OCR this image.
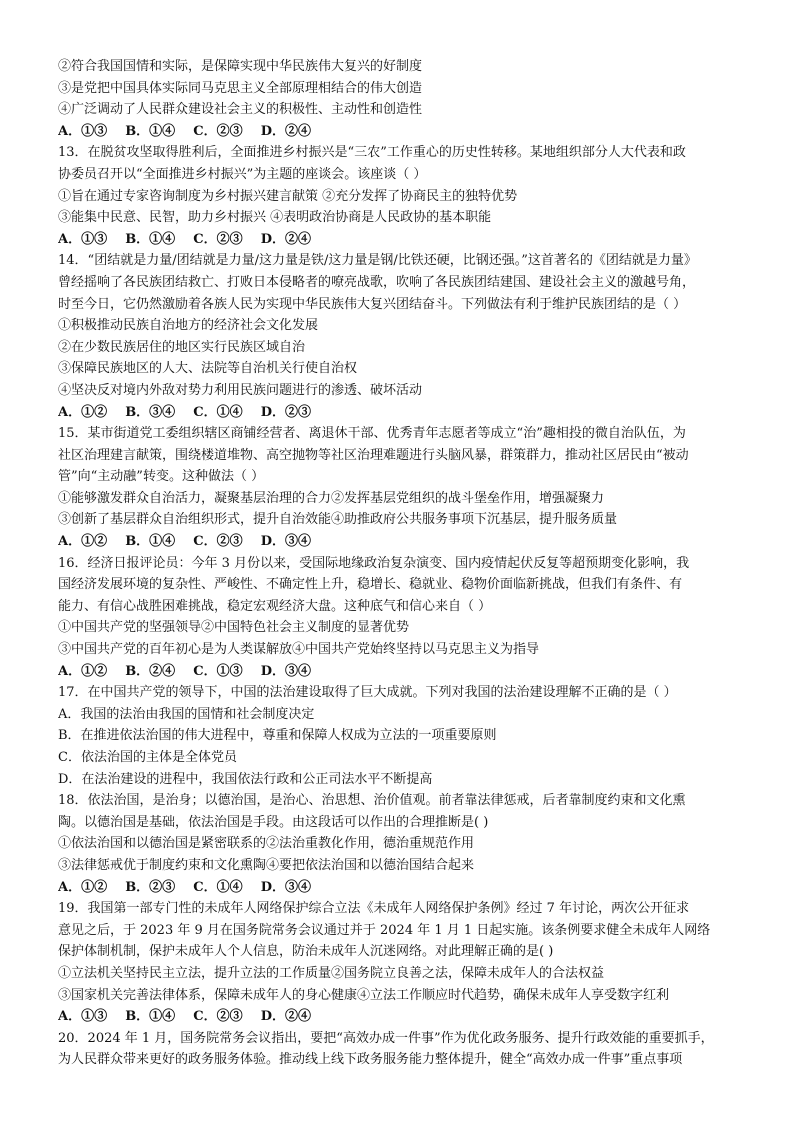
②符合我国国情和实际，是保障实现中华民族伟大复兴的好制度
③是党把中国具体实际同马克思主义全部原理相结合的伟大创造
④广泛调动了人民群众建设社会主义的积极性、主动性和创造性
A．①③    B．①④    C．②③    D．②④
13．在脱贫攻坚取得胜利后，全面推进乡村振兴是“三农”工作重心的历史性转移。某地组织部分人大代表和政
协委员召开以“全面推进乡村振兴”为主题的座谈会。该座谈（ ）
①旨在通过专家咨询制度为乡村振兴建言献策 ②充分发挥了协商民主的独特优势
③能集中民意、民智，助力乡村振兴 ④表明政治协商是人民政协的基本职能
A．①③    B．①④    C．②③    D．②④
14．“团结就是力量/团结就是力量/这力量是铁/这力量是钢/比铁还硬，比钢还强。”这首著名的《团结就是力量》
曾经摇响了各民族团结救亡、打败日本侵略者的嘹亮战歌，吹响了各民族团结建国、建设社会主义的激越号角，
时至今日，它仍然激励着各族人民为实现中华民族伟大复兴团结奋斗。下列做法有利于维护民族团结的是（ ）
①积极推动民族自治地方的经济社会文化发展
②在少数民族居住的地区实行民族区域自治
③保障民族地区的人大、法院等自治机关行使自治权
④坚决反对境内外敌对势力利用民族问题进行的渗透、破坏活动
A．①②    B．③④    C．①④    D．②③
15．某市街道党工委组织辖区商铺经营者、离退休干部、优秀青年志愿者等成立“治”趣相投的微自治队伍，为
社区治理建言献策，围绕楼道堆物、高空抛物等社区治理难题进行头脑风暴，群策群力，推动社区居民由“被动
管”向“主动融”转变。这种做法（ ）
①能够激发群众自治活力，凝聚基层治理的合力②发挥基层党组织的战斗堡垒作用，增强凝聚力
③创新了基层群众自治组织形式，提升自治效能④助推政府公共服务事项下沉基层，提升服务质量
A．①②    B．①④    C．②③    D．③④
16．经济日报评论员：今年 3 月份以来，受国际地缘政治复杂演变、国内疫情起伏反复等超预期变化影响，我
国经济发展环境的复杂性、严峻性、不确定性上升，稳增长、稳就业、稳物价面临新挑战，但我们有条件、有
能力、有信心战胜困难挑战，稳定宏观经济大盘。这种底气和信心来自（ ）
①中国共产党的坚强领导②中国特色社会主义制度的显著优势
③中国共产党的百年初心是为人类谋解放④中国共产党始终坚持以马克思主义为指导
A．①②    B．②④    C．①③    D．③④
17．在中国共产党的领导下，中国的法治建设取得了巨大成就。下列对我国的法治建设理解不正确的是（ ）
A．我国的法治由我国的国情和社会制度决定
B．在推进依法治国的伟大进程中，尊重和保障人权成为立法的一项重要原则
C．依法治国的主体是全体党员
D．在法治建设的进程中，我国依法行政和公正司法水平不断提高
18．依法治国，是治身；以德治国，是治心、治思想、治价值观。前者靠法律惩戒，后者靠制度约束和文化熏
陶。以德治国是基础，依法治国是手段。由这段话可以作出的合理推断是( )
①依法治国和以德治国是紧密联系的②法治重教化作用，德治重规范作用
③法律惩戒优于制度约束和文化熏陶④要把依法治国和以德治国结合起来
A．①②    B．②③    C．①④    D．③④
19．我国第一部专门性的未成年人网络保护综合立法《未成年人网络保护条例》经过 7 年讨论，两次公开征求
意见之后，于 2023 年 9 月在国务院常务会议通过并于 2024 年 1 月 1 日起实施。该条例要求健全未成年人网络
保护体制机制，保护未成年人个人信息，防治未成年人沉迷网络。对此理解正确的是( )
①立法机关坚持民主立法，提升立法的工作质量②国务院立良善之法，保障未成年人的合法权益
③国家机关完善法律体系，保障未成年人的身心健康④立法工作顺应时代趋势，确保未成年人享受数字红利
A．①③    B．①④    C．②③    D．②④
20．2024 年 1 月，国务院常务会议指出，要把“高效办成一件事”作为优化政务服务、提升行政效能的重要抓手，
为人民群众带来更好的政务服务体验。推动线上线下政务服务能力整体提升，健全“高效办成一件事”重点事项
